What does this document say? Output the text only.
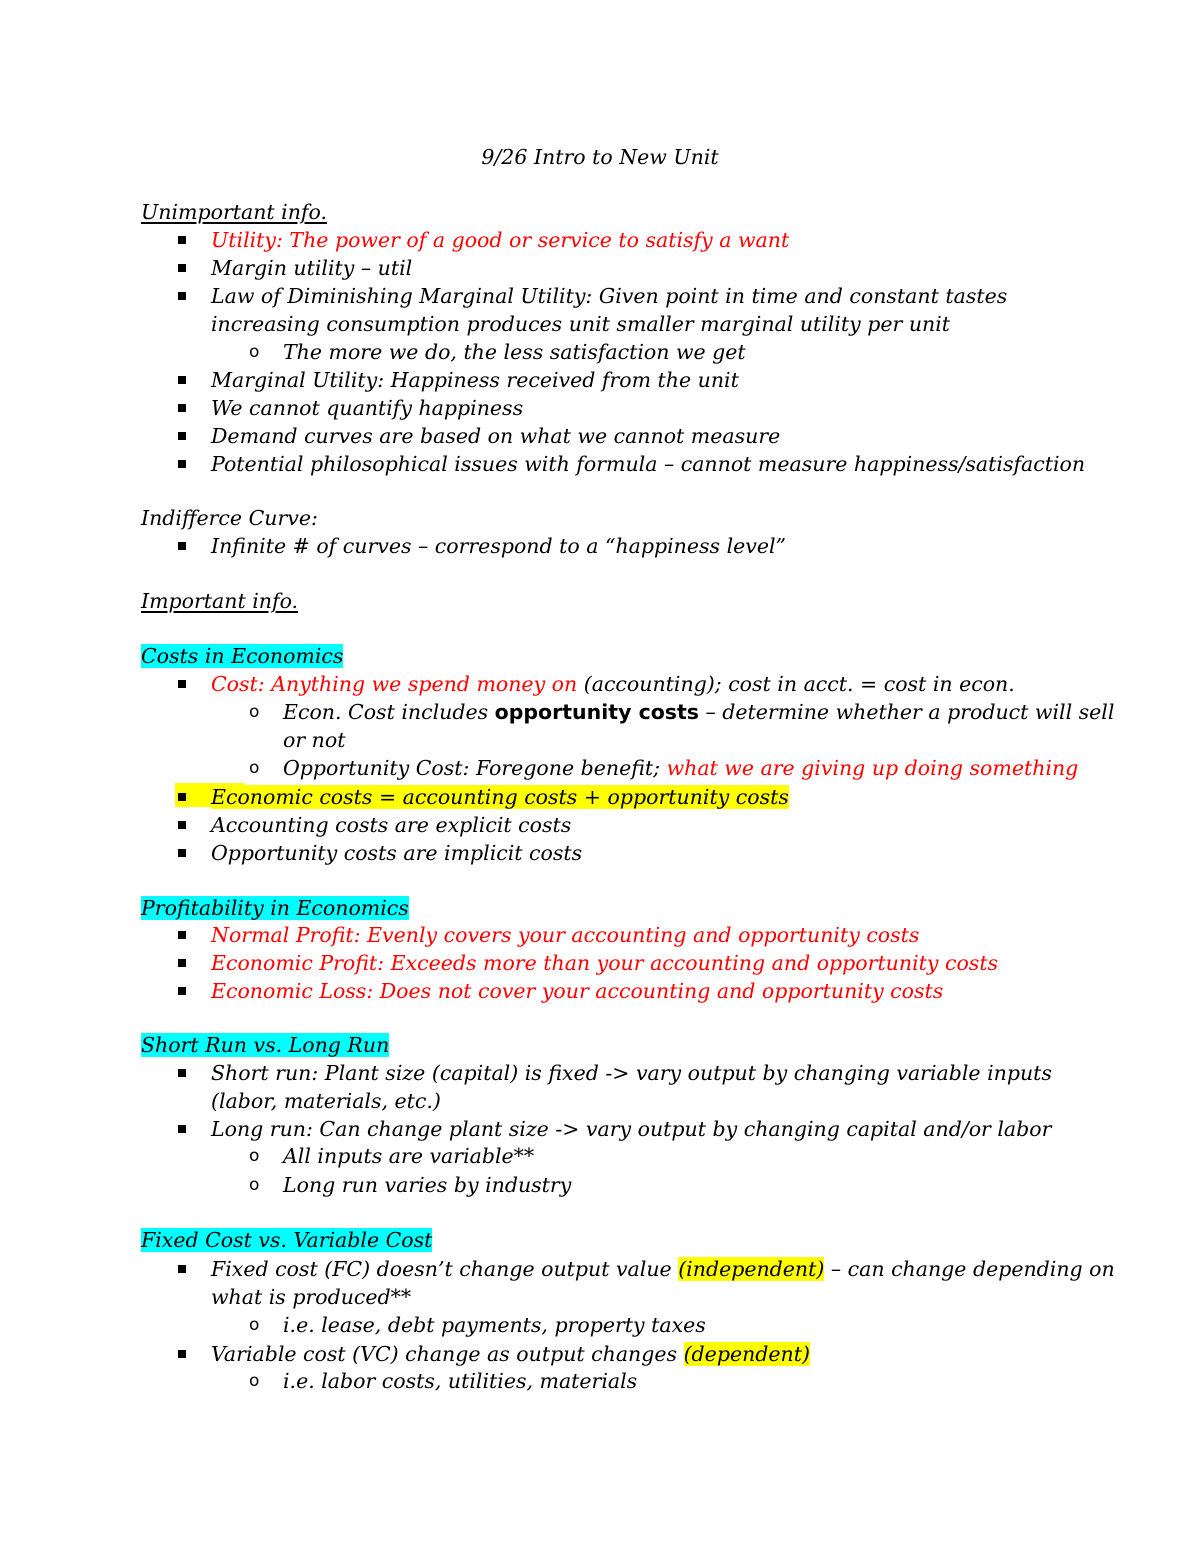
9/26 Intro to New Unit
Unimportant info.
Utility: The power of a good or service to satisfy a want
Margin utility – util
Law of Diminishing Marginal Utility: Given point in time and constant tastes
increasing consumption produces unit smaller marginal utility per unit
o The more we do, the less satisfaction we get
Marginal Utility: Happiness received from the unit
We cannot quantify happiness
Demand curves are based on what we cannot measure
Potential philosophical issues with formula – cannot measure happiness/satisfaction
Indifferce Curve:
Infinite # of curves – correspond to a “happiness level”
Important info.
Costs in Economics
Cost: Anything we spend money on (accounting); cost in acct. = cost in econ.
o Econ. Cost includes opportunity costs – determine whether a product will sell
or not
o Opportunity Cost: Foregone benefit; what we are giving up doing something
Economic costs = accounting costs + opportunity costs
Accounting costs are explicit costs
Opportunity costs are implicit costs
Profitability in Economics
Normal Profit: Evenly covers your accounting and opportunity costs
Economic Profit: Exceeds more than your accounting and opportunity costs
Economic Loss: Does not cover your accounting and opportunity costs
Short Run vs. Long Run
Short run: Plant size (capital) is fixed -> vary output by changing variable inputs
(labor, materials, etc.)
Long run: Can change plant size -> vary output by changing capital and/or labor
o All inputs are variable**
o Long run varies by industry
Fixed Cost vs. Variable Cost
Fixed cost (FC) doesn’t change output value (independent) – can change depending on
what is produced**
o i.e. lease, debt payments, property taxes
Variable cost (VC) change as output changes (dependent)
o i.e. labor costs, utilities, materials
